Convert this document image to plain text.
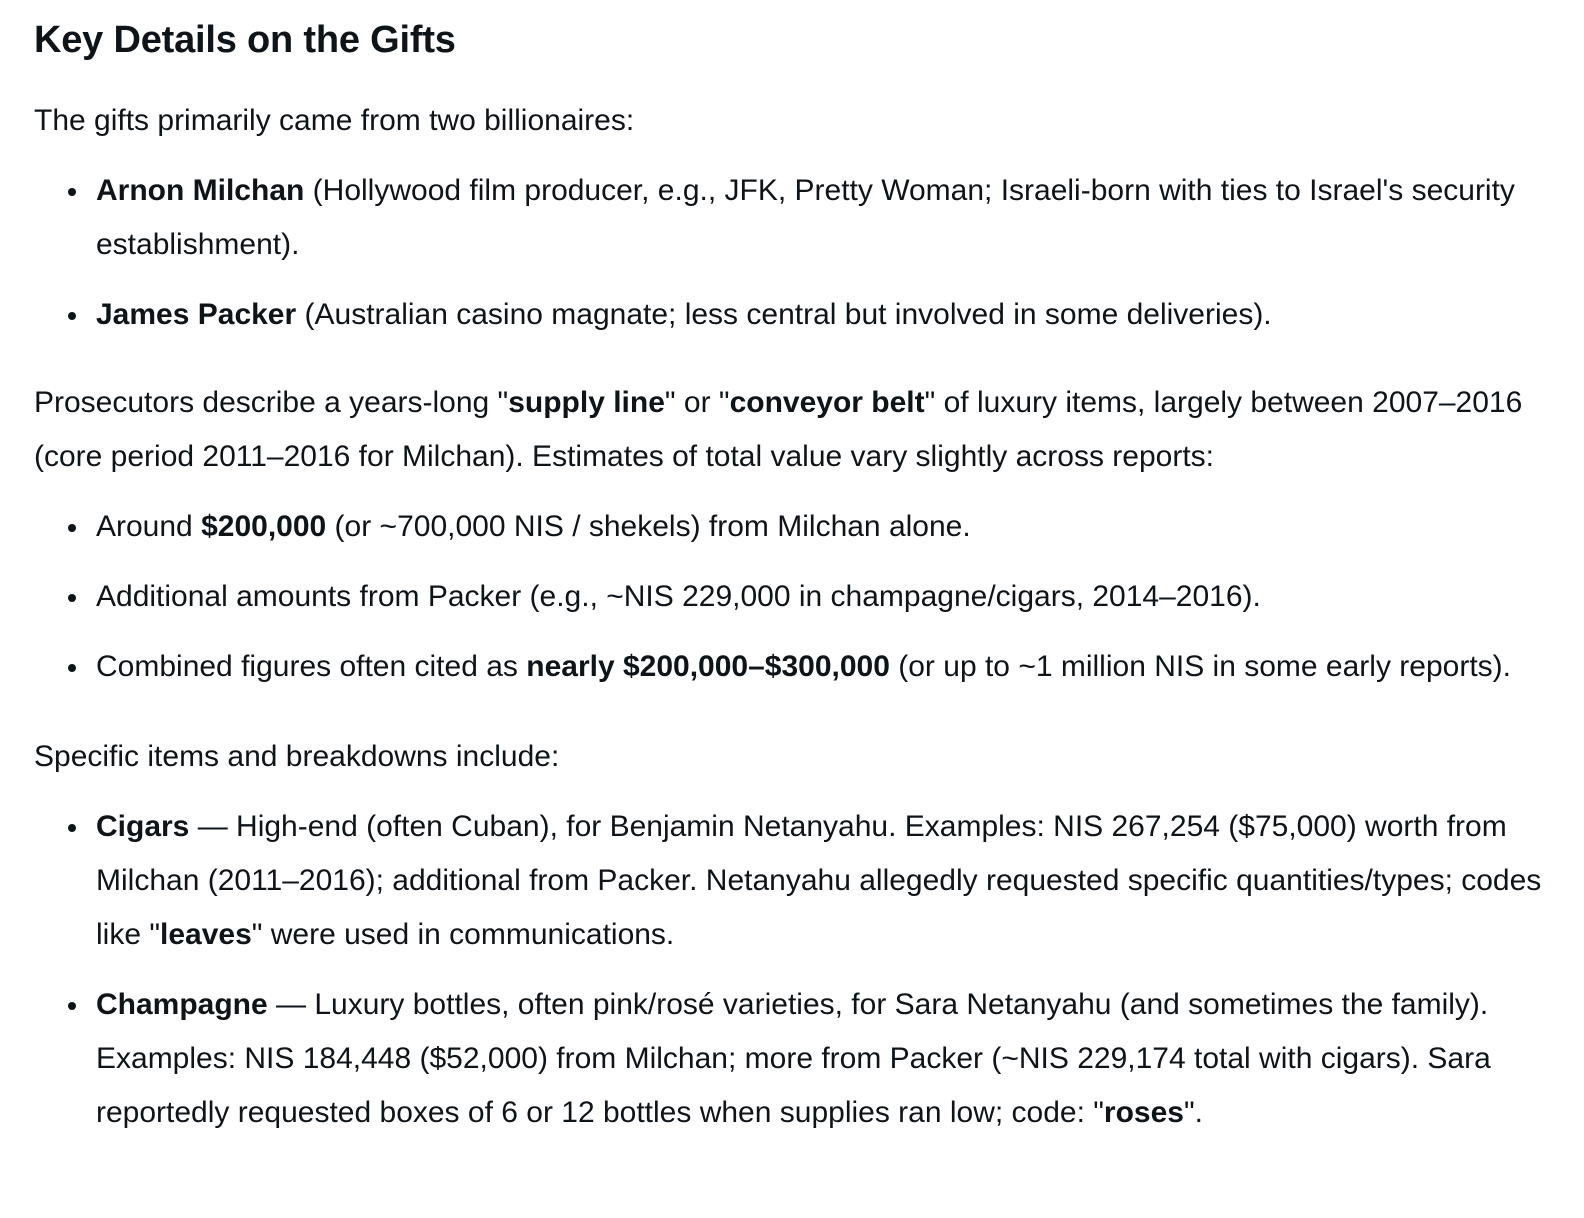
Key Details on the Gifts

The gifts primarily came from two billionaires:

Arnon Milchan (Hollywood film producer, e.g., JFK, Pretty Woman; Israeli-born with ties to Israel's security establishment).
James Packer (Australian casino magnate; less central but involved in some deliveries).

Prosecutors describe a years-long "supply line" or "conveyor belt" of luxury items, largely between 2007–2016 (core period 2011–2016 for Milchan). Estimates of total value vary slightly across reports:

Around $200,000 (or ~700,000 NIS / shekels) from Milchan alone.
Additional amounts from Packer (e.g., ~NIS 229,000 in champagne/cigars, 2014–2016).
Combined figures often cited as nearly $200,000–$300,000 (or up to ~1 million NIS in some early reports).

Specific items and breakdowns include:

Cigars — High-end (often Cuban), for Benjamin Netanyahu. Examples: NIS 267,254 ($75,000) worth from Milchan (2011–2016); additional from Packer. Netanyahu allegedly requested specific quantities/types; codes like "leaves" were used in communications.
Champagne — Luxury bottles, often pink/rosé varieties, for Sara Netanyahu (and sometimes the family). Examples: NIS 184,448 ($52,000) from Milchan; more from Packer (~NIS 229,174 total with cigars). Sara reportedly requested boxes of 6 or 12 bottles when supplies ran low; code: "roses".
